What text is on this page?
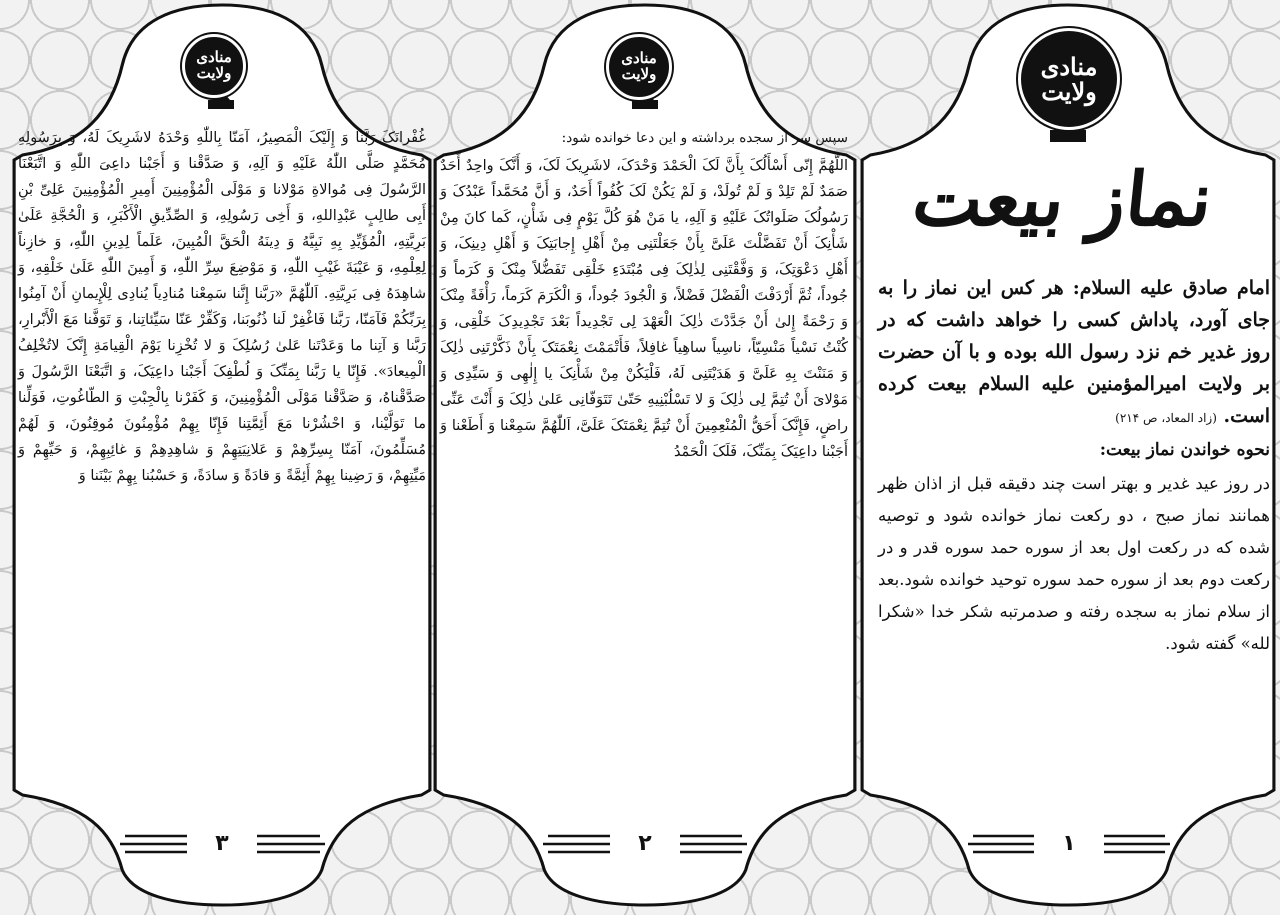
منادی
ولایت
منادی
ولایت	منادی
ولایت
نماز بیعت

امام صادق علیه السلام: هر کس این نماز را به جای آورد، پاداش کسی را خواهد داشت که در روز غدیر خم نزد رسول الله بوده و با آن حضرت بر ولایت امیرالمؤمنین علیه السلام بیعت کرده است. (زاد المعاد، ص ۲۱۴)

نحوه خواندن نماز بیعت:

در روز عید غدیر و بهتر است چند دقیقه قبل از اذان ظهر همانند نماز صبح ، دو رکعت نماز خوانده شود و توصیه شده که در رکعت اول بعد از سوره حمد سوره قدر و در رکعت دوم بعد از سوره حمد سوره توحید خوانده شود.بعد از سلام نماز به سجده رفته و صدمرتبه شکر خدا «شکرا لله» گفته شود.

سپس سر از سجده برداشته و این دعا خوانده شود:

اللّهُمَّ إِنّی أَسْأَلُکَ بِأَنَّ لَکَ الْحَمْدَ وَحْدَکَ، لاشَرِیکَ لَکَ، وَ أَنَّکَ واحِدٌ أَحَدٌ صَمَدٌ لَمْ تَلِدْ وَ لَمْ تُولَدْ، وَ لَمْ یَکُنْ لَکَ کُفُواً أَحَدٌ، وَ أَنَّ مُحَمَّداً عَبْدُکَ وَ رَسُولُکَ صَلَواتُکَ عَلَیْهِ وَ آلِهِ، یا مَنْ هُوَ کُلَّ یَوْمٍ فِی شَأْنٍ، کَما کانَ مِنْ شَأْنِکَ أَنْ تَفَضَّلْتَ عَلَیَّ بِأَنْ جَعَلْتَنِی مِنْ أَهْلِ إِجابَتِکَ وَ أَهْلِ دِینِکَ، وَ أَهْلِ دَعْوَتِکَ، وَ وَفَّقْتَنِی لِذٰلِکَ فِی مُبْتَدَءِ خَلْقِی تَفَضُّلاً مِنْکَ وَ کَرَماً وَ جُوداً، ثُمَّ أَرْدَفْتَ الْفَضْلَ فَضْلاً، وَ الْجُودَ جُوداً، وَ الْکَرَمَ کَرَماً، رَأْفَةً مِنْکَ وَ رَحْمَةً إِلیٰ أَنْ جَدَّدْتَ ذٰلِکَ الْعَهْدَ لِی تَجْدِیداً بَعْدَ تَجْدِیدِکَ خَلْقِی، وَ کُنْتُ نَسْیاً مَنْسِیّاً، ناسِیاً ساهِیاً غافِلاً، فَأَتْمَمْتَ نِعْمَتَکَ بِأَنْ ذَکَّرْتَنِی ذٰلِکَ وَ مَنَنْتَ بِهِ عَلَیَّ وَ هَدَیْتَنِی لَهُ، فَلْیَکُنْ مِنْ شَأْنِکَ یا إِلٰهِی وَ سَیِّدِی وَ مَوْلایَ أَنْ تُتِمَّ لِی ذٰلِکَ وَ لا تَسْلُبْنِیهِ حَتّیٰ تَتَوَفّانِی عَلیٰ ذٰلِکَ وَ أَنْتَ عَنِّی راضٍ، فَإِنَّکَ أَحَقُّ الْمُنْعِمِینَ أَنْ تُتِمَّ نِعْمَتَکَ عَلَیَّ، اَللّٰهُمَّ سَمِعْنا وَ أَطَعْنا وَ أَجَبْنا داعِیَکَ بِمَنِّکَ، فَلَکَ الْحَمْدُ

غُفْرانَکَ رَبَّنا وَ إِلَیْکَ الْمَصِیرُ، آمَنّا بِاللّٰهِ وَحْدَهُ لاشَرِیکَ لَهُ، وَ بِرَسُولِهِ مُحَمَّدٍ صَلَّی اللّٰهُ عَلَیْهِ وَ آلِهِ، وَ صَدَّقْنا وَ أَجَبْنا داعِیَ اللّٰهِ وَ اتَّبَعْنَا الرَّسُولَ فِی مُوالاةِ مَوْلانا وَ مَوْلَی الْمُؤْمِنِینَ أَمِیرِ الْمُؤْمِنِینَ عَلِیِّ بْنِ أَبِی طالِبٍ عَبْدِاللهِ، وَ أَخِی رَسُولِهِ، وَ الصِّدِّیقِ الْأَکْبَرِ، وَ الْحُجَّةِ عَلَیٰ بَرِیَّتِهِ، الْمُؤَیِّدِ بِهِ نَبِیَّهُ وَ دِینَهُ الْحَقَّ الْمُبِینَ، عَلَماً لِدِینِ اللّٰهِ، وَ خازِناً لِعِلْمِهِ، وَ عَیْبَةَ غَیْبِ اللّٰهِ، وَ مَوْضِعَ سِرِّ اللّٰهِ، وَ أَمِینَ اللّٰهِ عَلَیٰ خَلْقِهِ، وَ شاهِدَهُ فِی بَرِیَّتِهِ. اَللّٰهُمَّ «رَبَّنا إِنَّنا سَمِعْنا مُنادِیاً یُنادِی لِلْإِیمانِ أَنْ آمِنُوا بِرَبِّکُمْ فَآمَنّا، رَبَّنا فَاغْفِرْ لَنا ذُنُوبَنا، وَکَفِّرْ عَنّا سَیِّئاتِنا، وَ تَوَفَّنا مَعَ الْأَبْرارِ، رَبَّنا وَ آتِنا ما وَعَدْتَنا عَلیٰ رُسُلِکَ وَ لا تُخْزِنا یَوْمَ الْقِیامَةِ إِنَّکَ لاتُخْلِفُ الْمِیعادَ». فَإِنّا یا رَبَّنا بِمَنِّکَ وَ لُطْفِکَ أَجَبْنا داعِیَکَ، وَ اتَّبَعْنَا الرَّسُولَ وَ صَدَّقْناهُ، وَ صَدَّقْنا مَوْلَی الْمُؤْمِنِینَ، وَ کَفَرْنا بِالْجِبْتِ وَ الطّاغُوتِ، فَوَلِّنا ما تَوَلَّیْنا، وَ احْشُرْنا مَعَ أَئِمَّتِنا فَإِنّا بِهِمْ مُؤْمِنُونَ مُوقِنُونَ، وَ لَهُمْ مُسَلِّمُونَ، آمَنّا بِسِرِّهِمْ وَ عَلانِیَتِهِمْ وَ شاهِدِهِمْ وَ غائِبِهِمْ، وَ حَیِّهِمْ وَ مَیِّتِهِمْ، وَ رَضِینا بِهِمْ أَئِمَّةً وَ قادَةً وَ سادَةً، وَ حَسْبُنا بِهِمْ بَیْنَنا وَ

٣	٢	١
